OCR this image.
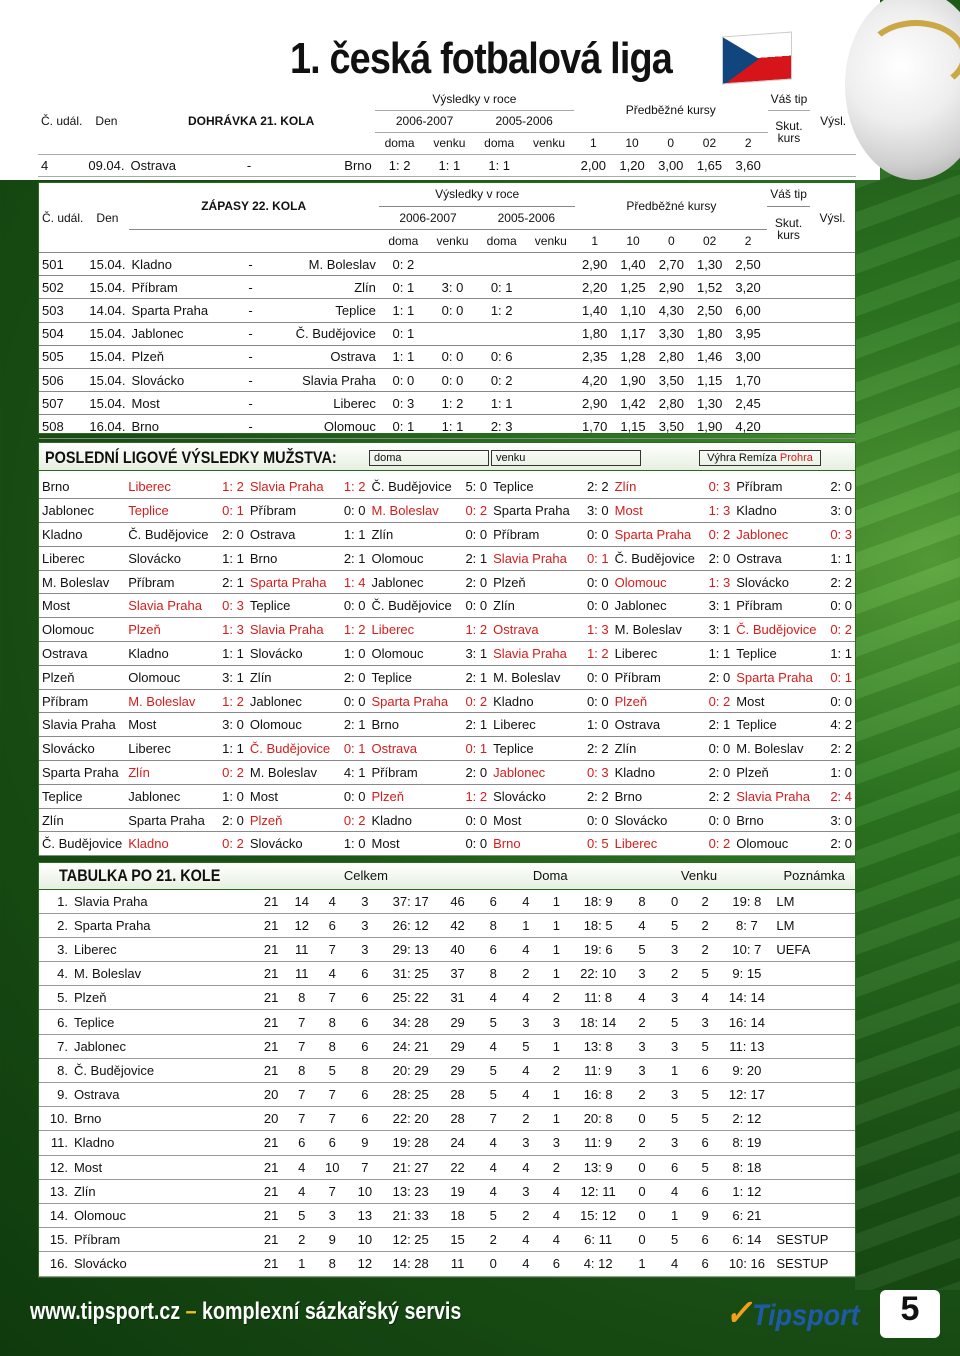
1. česká fotbalová liga
Č. udál.	Den	DOHRÁVKA 21. KOLA			Výsledky v roce				Předběžné kursy					Váš tip	Výsl.
					2006-2007		2005-2006							Skut. kurs	
					doma	venku	doma	venku	1	10	0	02	2		
4	09.04.	Ostrava	-	Brno	1: 2	1: 1	1: 1		2,00	1,20	3,00	1,65	3,60		
Č. udál.	Den	ZÁPASY 22. KOLA			Výsledky v roce				Předběžné kursy					Váš tip	Výsl.
					2006-2007		2005-2006							Skut. kurs	
					doma	venku	doma	venku	1	10	0	02	2		
501	15.04.	Kladno	-	M. Boleslav	0: 2				2,90	1,40	2,70	1,30	2,50		
502	15.04.	Příbram	-	Zlín	0: 1	3: 0	0: 1		2,20	1,25	2,90	1,52	3,20		
503	14.04.	Sparta Praha	-	Teplice	1: 1	0: 0	1: 2		1,40	1,10	4,30	2,50	6,00		
504	15.04.	Jablonec	-	Č. Budějovice	0: 1				1,80	1,17	3,30	1,80	3,95		
505	15.04.	Plzeň	-	Ostrava	1: 1	0: 0	0: 6		2,35	1,28	2,80	1,46	3,00		
506	15.04.	Slovácko	-	Slavia Praha	0: 0	0: 0	0: 2		4,20	1,90	3,50	1,15	1,70		
507	15.04.	Most	-	Liberec	0: 3	1: 2	1: 1		2,90	1,42	2,80	1,30	2,45		
508	16.04.	Brno	-	Olomouc	0: 1	1: 1	2: 3		1,70	1,15	3,50	1,90	4,20		
POSLEDNÍ LIGOVÉ VÝSLEDKY MUŽSTVA:	doma	venku	Výhra Remíza Prohra
Brno	Liberec	1: 2	Slavia Praha	1: 2	Č. Budějovice	5: 0	Teplice	2: 2	Zlín	0: 3	Příbram	2: 0
Jablonec	Teplice	0: 1	Příbram	0: 0	M. Boleslav	0: 2	Sparta Praha	3: 0	Most	1: 3	Kladno	3: 0
Kladno	Č. Budějovice	2: 0	Ostrava	1: 1	Zlín	0: 0	Příbram	0: 0	Sparta Praha	0: 2	Jablonec	0: 3
Liberec	Slovácko	1: 1	Brno	2: 1	Olomouc	2: 1	Slavia Praha	0: 1	Č. Budějovice	2: 0	Ostrava	1: 1
M. Boleslav	Příbram	2: 1	Sparta Praha	1: 4	Jablonec	2: 0	Plzeň	0: 0	Olomouc	1: 3	Slovácko	2: 2
Most	Slavia Praha	0: 3	Teplice	0: 0	Č. Budějovice	0: 0	Zlín	0: 0	Jablonec	3: 1	Příbram	0: 0
Olomouc	Plzeň	1: 3	Slavia Praha	1: 2	Liberec	1: 2	Ostrava	1: 3	M. Boleslav	3: 1	Č. Budějovice	0: 2
Ostrava	Kladno	1: 1	Slovácko	1: 0	Olomouc	3: 1	Slavia Praha	1: 2	Liberec	1: 1	Teplice	1: 1
Plzeň	Olomouc	3: 1	Zlín	2: 0	Teplice	2: 1	M. Boleslav	0: 0	Příbram	2: 0	Sparta Praha	0: 1
Příbram	M. Boleslav	1: 2	Jablonec	0: 0	Sparta Praha	0: 2	Kladno	0: 0	Plzeň	0: 2	Most	0: 0
Slavia Praha	Most	3: 0	Olomouc	2: 1	Brno	2: 1	Liberec	1: 0	Ostrava	2: 1	Teplice	4: 2
Slovácko	Liberec	1: 1	Č. Budějovice	0: 1	Ostrava	0: 1	Teplice	2: 2	Zlín	0: 0	M. Boleslav	2: 2
Sparta Praha	Zlín	0: 2	M. Boleslav	4: 1	Příbram	2: 0	Jablonec	0: 3	Kladno	2: 0	Plzeň	1: 0
Teplice	Jablonec	1: 0	Most	0: 0	Plzeň	1: 2	Slovácko	2: 2	Brno	2: 2	Slavia Praha	2: 4
Zlín	Sparta Praha	2: 0	Plzeň	0: 2	Kladno	0: 0	Most	0: 0	Slovácko	0: 0	Brno	3: 0
Č. Budějovice	Kladno	0: 2	Slovácko	1: 0	Most	0: 0	Brno	0: 5	Liberec	0: 2	Olomouc	2: 0
TABULKA PO 21. KOLE		Celkem						Doma				Venku				Poznámka
1.	Slavia Praha	21	14	4	3	37: 17	46	6	4	1	18: 9	8	0	2	19: 8	LM
2.	Sparta Praha	21	12	6	3	26: 12	42	8	1	1	18: 5	4	5	2	8: 7	LM
3.	Liberec	21	11	7	3	29: 13	40	6	4	1	19: 6	5	3	2	10: 7	UEFA
4.	M. Boleslav	21	11	4	6	31: 25	37	8	2	1	22: 10	3	2	5	9: 15	
5.	Plzeň	21	8	7	6	25: 22	31	4	4	2	11: 8	4	3	4	14: 14	
6.	Teplice	21	7	8	6	34: 28	29	5	3	3	18: 14	2	5	3	16: 14	
7.	Jablonec	21	7	8	6	24: 21	29	4	5	1	13: 8	3	3	5	11: 13	
8.	Č. Budějovice	21	8	5	8	20: 29	29	5	4	2	11: 9	3	1	6	9: 20	
9.	Ostrava	20	7	7	6	28: 25	28	5	4	1	16: 8	2	3	5	12: 17	
10.	Brno	20	7	7	6	22: 20	28	7	2	1	20: 8	0	5	5	2: 12	
11.	Kladno	21	6	6	9	19: 28	24	4	3	3	11: 9	2	3	6	8: 19	
12.	Most	21	4	10	7	21: 27	22	4	4	2	13: 9	0	6	5	8: 18	
13.	Zlín	21	4	7	10	13: 23	19	4	3	4	12: 11	0	4	6	1: 12	
14.	Olomouc	21	5	3	13	21: 33	18	5	2	4	15: 12	0	1	9	6: 21	
15.	Příbram	21	2	9	10	12: 25	15	2	4	4	6: 11	0	5	6	6: 14	SESTUP
16.	Slovácko	21	1	8	12	14: 28	11	0	4	6	4: 12	1	4	6	10: 16	SESTUP
www.tipsport.cz – komplexní sázkařský servis	✓Tipsport	5
